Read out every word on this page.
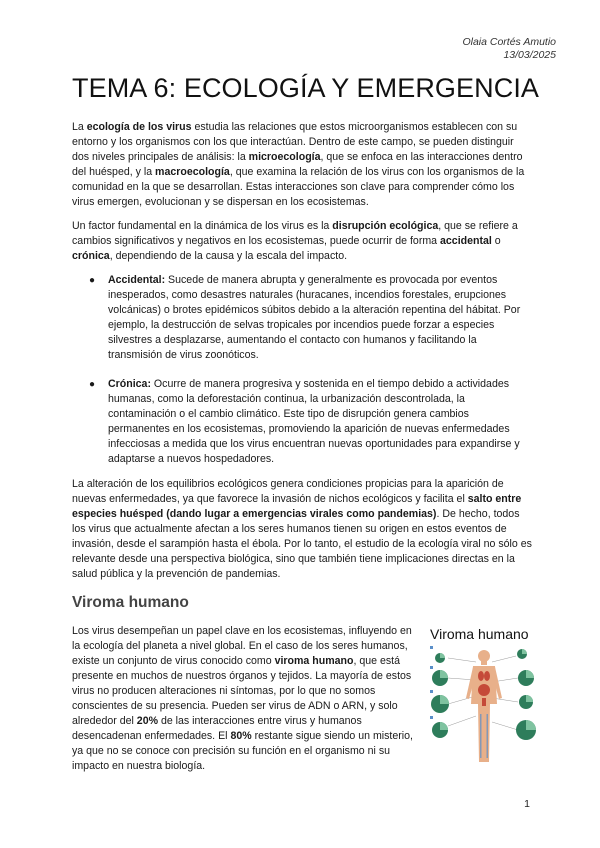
Olaia Cortés Amutio
13/03/2025
TEMA 6: ECOLOGÍA Y EMERGENCIA

La ecología de los virus estudia las relaciones que estos microorganismos establecen con su entorno y los organismos con los que interactúan. Dentro de este campo, se pueden distinguir dos niveles principales de análisis: la microecología, que se enfoca en las interacciones dentro del huésped, y la macroecología, que examina la relación de los virus con los organismos de la comunidad en la que se desarrollan. Estas interacciones son clave para comprender cómo los virus emergen, evolucionan y se dispersan en los ecosistemas.

Un factor fundamental en la dinámica de los virus es la disrupción ecológica, que se refiere a cambios significativos y negativos en los ecosistemas, puede ocurrir de forma accidental o crónica, dependiendo de la causa y la escala del impacto.

● Accidental: Sucede de manera abrupta y generalmente es provocada por eventos inesperados, como desastres naturales (huracanes, incendios forestales, erupciones volcánicas) o brotes epidémicos súbitos debido a la alteración repentina del hábitat. Por ejemplo, la destrucción de selvas tropicales por incendios puede forzar a especies silvestres a desplazarse, aumentando el contacto con humanos y facilitando la transmisión de virus zoonóticos.
● Crónica: Ocurre de manera progresiva y sostenida en el tiempo debido a actividades humanas, como la deforestación continua, la urbanización descontrolada, la contaminación o el cambio climático. Este tipo de disrupción genera cambios permanentes en los ecosistemas, promoviendo la aparición de nuevas enfermedades infecciosas a medida que los virus encuentran nuevas oportunidades para expandirse y adaptarse a nuevos hospedadores.

La alteración de los equilibrios ecológicos genera condiciones propicias para la aparición de nuevas enfermedades, ya que favorece la invasión de nichos ecológicos y facilita el salto entre especies huésped (dando lugar a emergencias virales como pandemias). De hecho, todos los virus que actualmente afectan a los seres humanos tienen su origen en estos eventos de invasión, desde el sarampión hasta el ébola. Por lo tanto, el estudio de la ecología viral no sólo es relevante desde una perspectiva biológica, sino que también tiene implicaciones directas en la salud pública y la prevención de pandemias.

Viroma humano

Los virus desempeñan un papel clave en los ecosistemas, influyendo en la ecología del planeta a nivel global. En el caso de los seres humanos, existe un conjunto de virus conocido como viroma humano, que está presente en muchos de nuestros órganos y tejidos. La mayoría de estos virus no producen alteraciones ni síntomas, por lo que no somos conscientes de su presencia. Pueden ser virus de ADN o ARN, y solo alrededor del 20% de las interacciones entre virus y humanos desencadenan enfermedades. El 80% restante sigue siendo un misterio, ya que no se conoce con precisión su función en el organismo ni su impacto en nuestra biología.

Viroma humano
1
